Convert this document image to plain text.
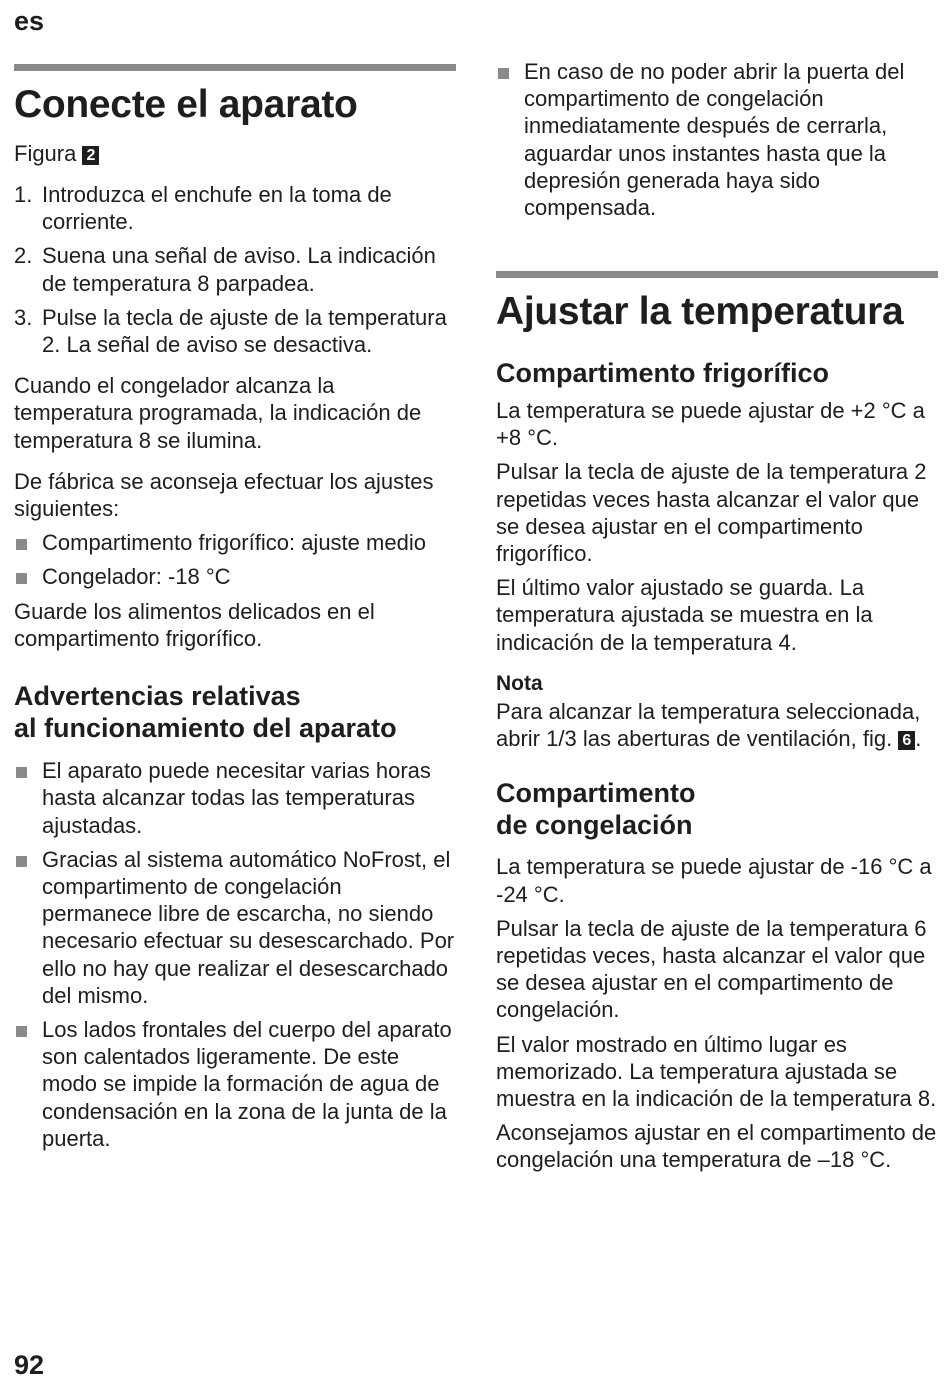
es
Conecte el aparato

Figura 2

1. Introduzca el enchufe en la toma de corriente.
2. Suena una señal de aviso. La indicación de temperatura 8 parpadea.
3. Pulse la tecla de ajuste de la temperatura 2. La señal de aviso se desactiva.

Cuando el congelador alcanza la temperatura programada, la indicación de temperatura 8 se ilumina.

De fábrica se aconseja efectuar los ajustes siguientes:

Compartimento frigorífico: ajuste medio
Congelador: -18 °C

Guarde los alimentos delicados en el compartimento frigorífico.

Advertencias relativas
al funcionamiento del aparato
El aparato puede necesitar varias horas hasta alcanzar todas las temperaturas ajustadas.
Gracias al sistema automático NoFrost, el compartimento de congelación permanece libre de escarcha, no siendo necesario efectuar su desescarchado. Por ello no hay que realizar el desescarchado del mismo.
Los lados frontales del cuerpo del aparato son calentados ligeramente. De este modo se impide la formación de agua de condensación en la zona de la junta de la puerta.
En caso de no poder abrir la puerta del compartimento de congelación inmediatamente después de cerrarla, aguardar unos instantes hasta que la depresión generada haya sido compensada.
Ajustar la temperatura
Compartimento frigorífico

La temperatura se puede ajustar de +2 °C a +8 °C.

Pulsar la tecla de ajuste de la temperatura 2 repetidas veces hasta alcanzar el valor que se desea ajustar en el compartimento frigorífico.

El último valor ajustado se guarda. La temperatura ajustada se muestra en la indicación de la temperatura 4.

Nota

Para alcanzar la temperatura seleccionada, abrir 1/3 las aberturas de ventilación, fig. 6 .

Compartimento
de congelación

La temperatura se puede ajustar de -16 °C a -24 °C.

Pulsar la tecla de ajuste de la temperatura 6 repetidas veces, hasta alcanzar el valor que se desea ajustar en el compartimento de congelación.

El valor mostrado en último lugar es memorizado. La temperatura ajustada se muestra en la indicación de la temperatura 8.

Aconsejamos ajustar en el compartimento de congelación una temperatura de –18 °C.

92
